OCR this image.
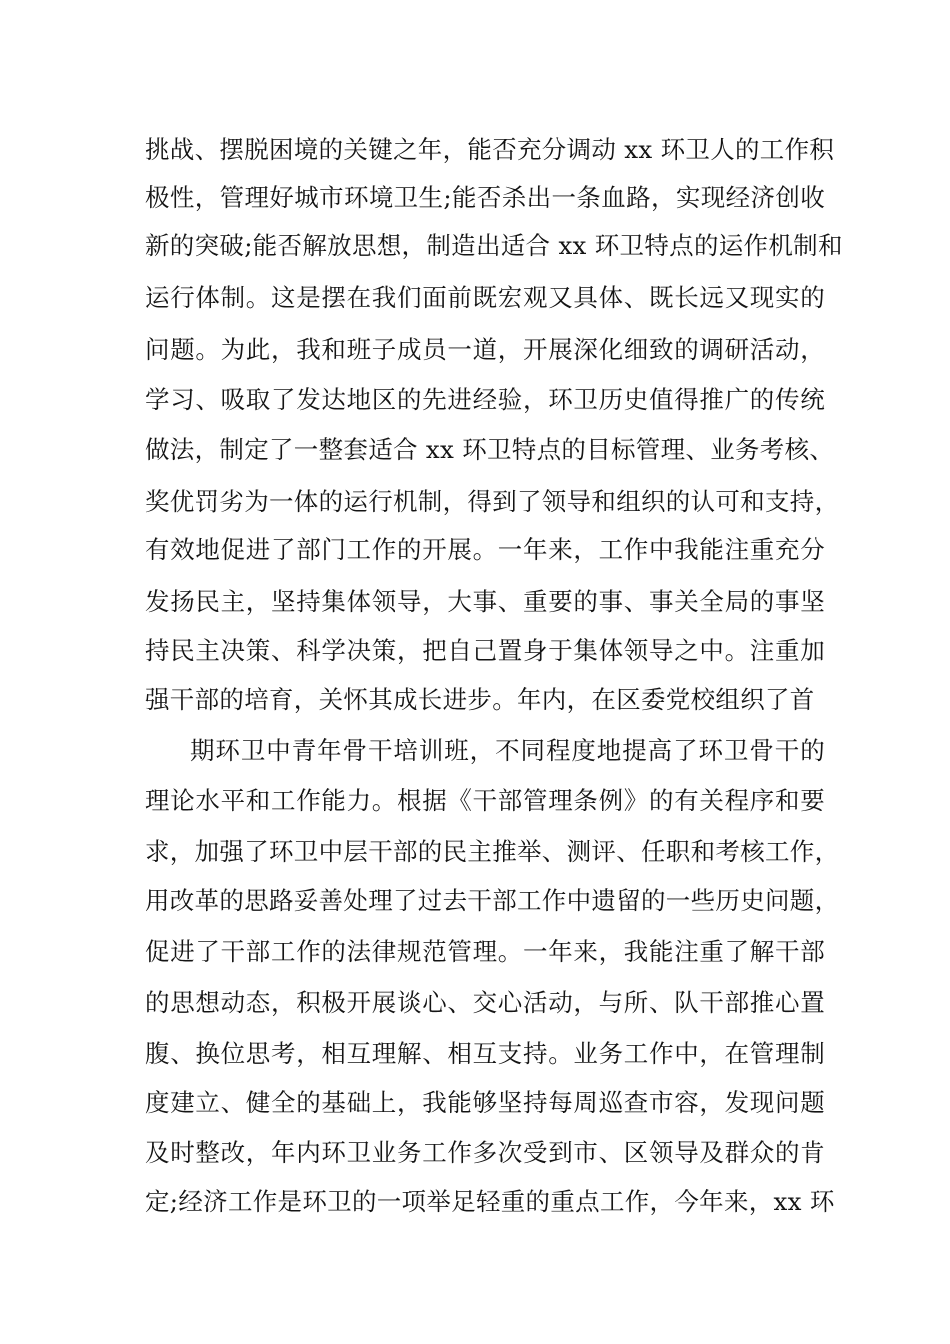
挑战、摆脱困境的关键之年，能否充分调动 xx 环卫人的工作积
极性，管理好城市环境卫生;能否杀出一条血路，实现经济创收
新的突破;能否解放思想，制造出适合 xx 环卫特点的运作机制和
运行体制。这是摆在我们面前既宏观又具体、既长远又现实的
问题。为此，我和班子成员一道，开展深化细致的调研活动，
学习、吸取了发达地区的先进经验，环卫历史值得推广的传统
做法，制定了一整套适合 xx 环卫特点的目标管理、业务考核、
奖优罚劣为一体的运行机制，得到了领导和组织的认可和支持，
有效地促进了部门工作的开展。一年来，工作中我能注重充分
发扬民主，坚持集体领导，大事、重要的事、事关全局的事坚
持民主决策、科学决策，把自己置身于集体领导之中。注重加
强干部的培育，关怀其成长进步。年内，在区委党校组织了首
期环卫中青年骨干培训班，不同程度地提高了环卫骨干的
理论水平和工作能力。根据《干部管理条例》的有关程序和要
求，加强了环卫中层干部的民主推举、测评、任职和考核工作，
用改革的思路妥善处理了过去干部工作中遗留的一些历史问题，
促进了干部工作的法律规范管理。一年来，我能注重了解干部
的思想动态，积极开展谈心、交心活动，与所、队干部推心置
腹、换位思考，相互理解、相互支持。业务工作中，在管理制
度建立、健全的基础上，我能够坚持每周巡查市容，发现问题
及时整改，年内环卫业务工作多次受到市、区领导及群众的肯
定;经济工作是环卫的一项举足轻重的重点工作，今年来，xx 环
